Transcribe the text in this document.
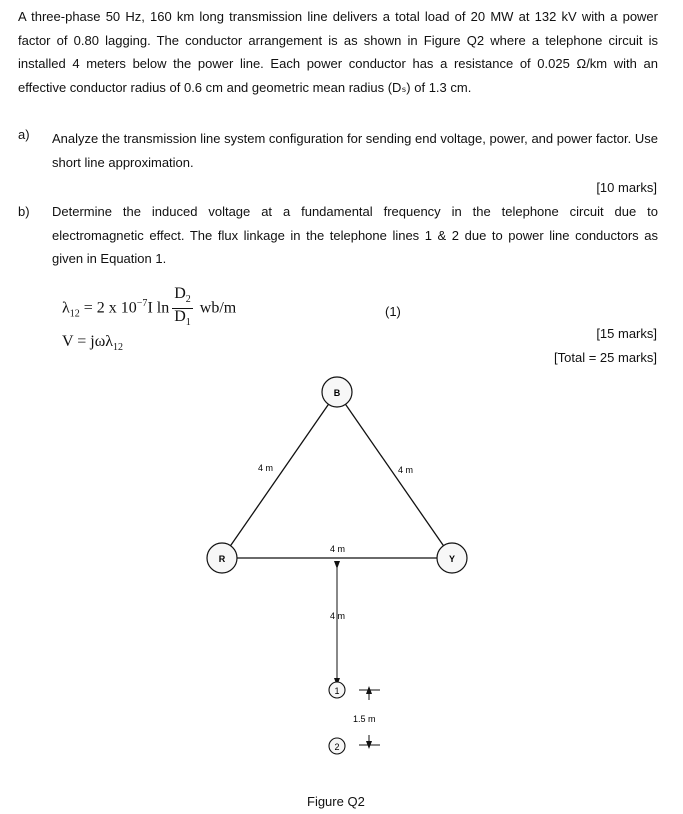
A three-phase 50 Hz, 160 km long transmission line delivers a total load of 20 MW at 132 kV with a power factor of 0.80 lagging. The conductor arrangement is as shown in Figure Q2 where a telephone circuit is installed 4 meters below the power line. Each power conductor has a resistance of 0.025 Ω/km with an effective conductor radius of 0.6 cm and geometric mean radius (Dₛ) of 1.3 cm.
a) Analyze the transmission line system configuration for sending end voltage, power, and power factor. Use short line approximation.
[10 marks]
b) Determine the induced voltage at a fundamental frequency in the telephone circuit due to electromagnetic effect. The flux linkage in the telephone lines 1 & 2 due to power line conductors as given in Equation 1.
$\lambda_{12} = 2$ x $10^{-7}I$ $\ln \frac{D_2}{D_1} wb/m$	(1)
V = jωλ$_{12}$
[15 marks]
[Total = 25 marks]
B
R	Y
1
2
4 m	4 m
4 m
4 m
1.5 m
Figure Q2
